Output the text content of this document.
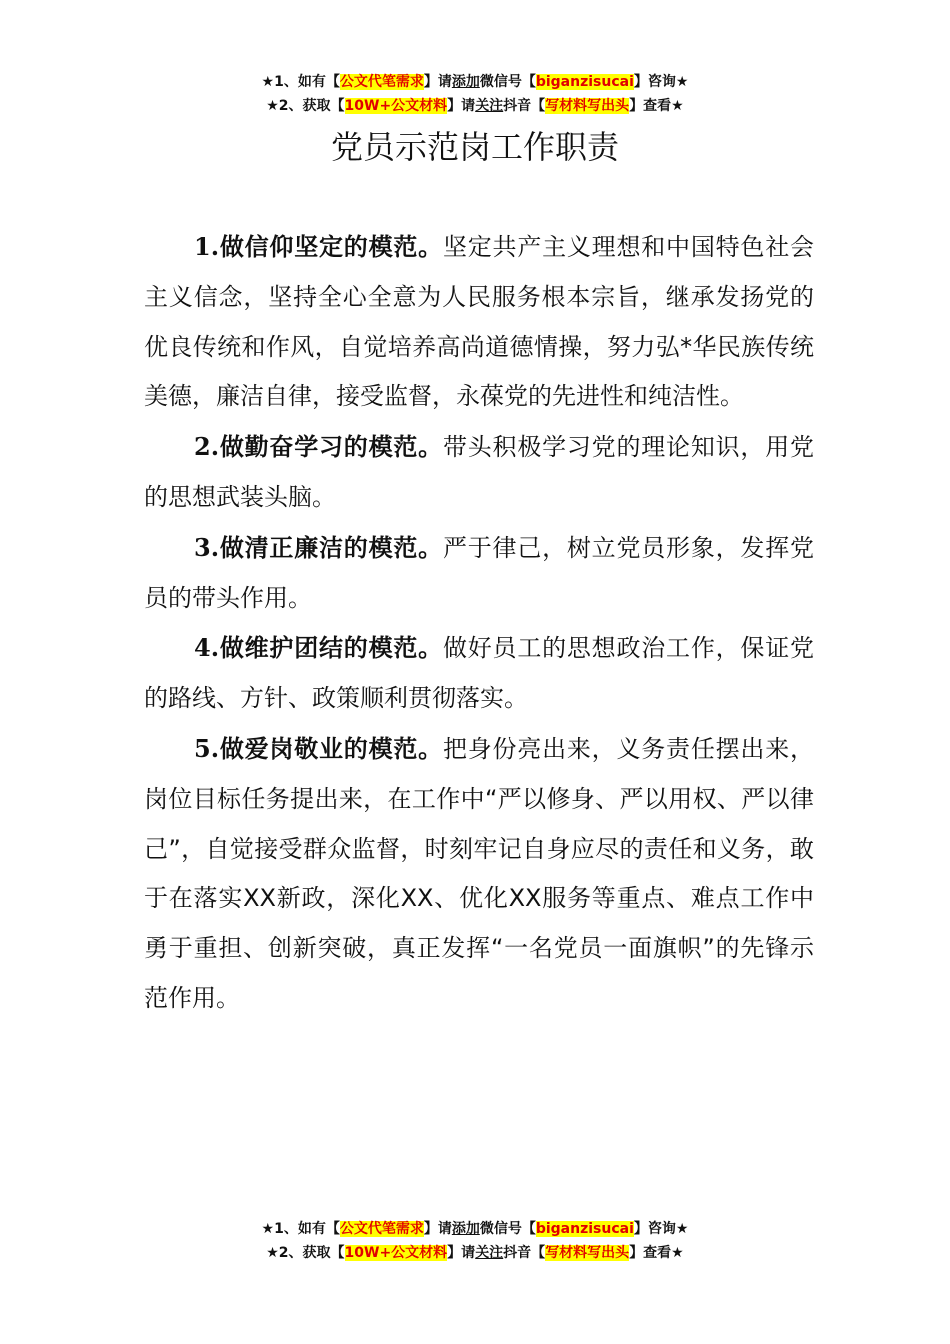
★1、如有【公文代笔需求】请添加微信号【biganzisucai】咨询★
★2、获取【10W+公文材料】请关注抖音【写材料写出头】查看★
党员示范岗工作职责

1.做信仰坚定的模范。坚定共产主义理想和中国特色社会主义信念，坚持全心全意为人民服务根本宗旨，继承发扬党的优良传统和作风，自觉培养高尚道德情操，努力弘*华民族传统美德，廉洁自律，接受监督，永葆党的先进性和纯洁性。

2.做勤奋学习的模范。带头积极学习党的理论知识，用党的思想武装头脑。

3.做清正廉洁的模范。严于律己，树立党员形象，发挥党员的带头作用。

4.做维护团结的模范。做好员工的思想政治工作，保证党的路线、方针、政策顺利贯彻落实。

5.做爱岗敬业的模范。把身份亮出来，义务责任摆出来，岗位目标任务提出来，在工作中“严以修身、严以用权、严以律己”，自觉接受群众监督，时刻牢记自身应尽的责任和义务，敢于在落实XX新政，深化XX、优化XX服务等重点、难点工作中勇于重担、创新突破，真正发挥“一名党员一面旗帜”的先锋示范作用。

★1、如有【公文代笔需求】请添加微信号【biganzisucai】咨询★
★2、获取【10W+公文材料】请关注抖音【写材料写出头】查看★
